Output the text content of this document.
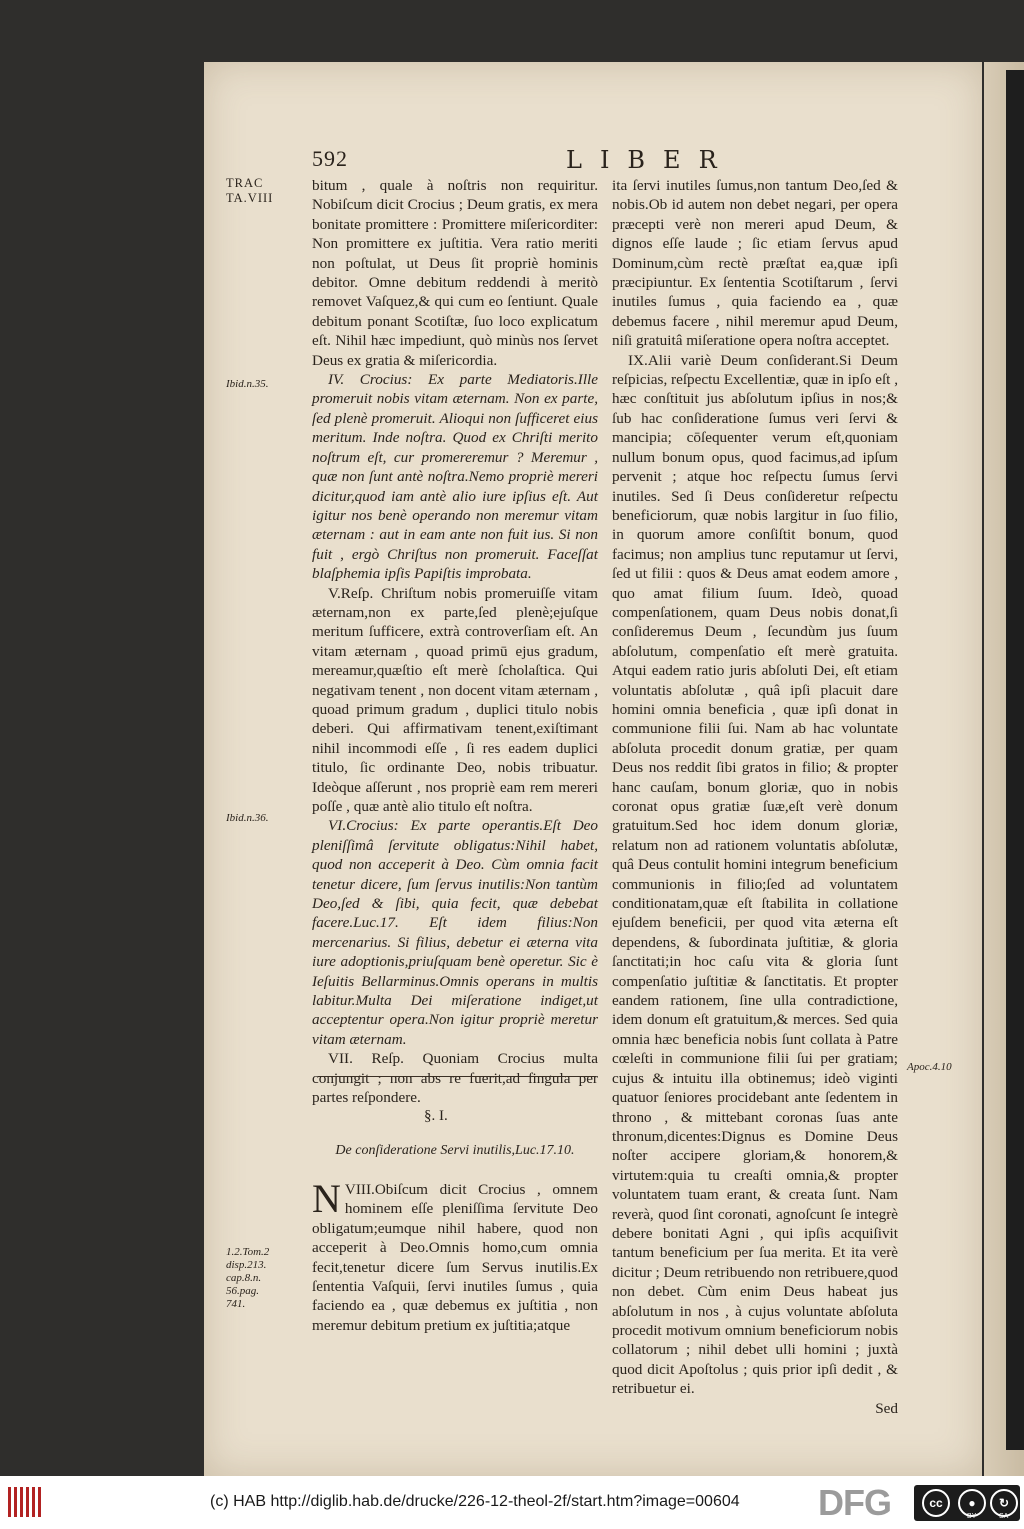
592	LIBER
TRAC
TA.VIII
Ibid.n.35.
Ibid.n.36.
Apoc.4.10
1.2.Tom.2
disp.213.
cap.8.n.
56.pag.
741.

bitum , quale à noſtris non requiritur. Nobiſcum dicit Crocius ; Deum gratis, ex mera bonitate promittere : Promittere miſericorditer: Non promittere ex juſtitia. Vera ratio meriti non poſtulat, ut Deus ſit propriè hominis debitor. Omne debitum reddendi à meritò removet Vaſquez,& qui cum eo ſentiunt. Quale debitum ponant Scotiſtæ, ſuo loco explicatum eſt. Nihil hæc impediunt, quò minùs nos ſervet Deus ex gratia & miſericordia.

IV. Crocius: Ex parte Mediatoris.Ille promeruit nobis vitam æternam. Non ex parte, ſed plenè promeruit. Alioqui non ſufficeret eius meritum. Inde noſtra. Quod ex Chriſti merito noſtrum eſt, cur promereremur ? Meremur , quæ non ſunt antè noſtra.Nemo propriè mereri dicitur,quod iam antè alio iure ipſius eſt. Aut igitur nos benè operando non meremur vitam æternam : aut in eam ante non fuit ius. Si non fuit , ergò Chriſtus non promeruit. Faceſſat blaſphemia ipſis Papiſtis improbata.

V.Reſp. Chriſtum nobis promeruiſſe vitam æternam,non ex parte,ſed plenè;ejuſque meritum ſufficere, extrà controverſiam eſt. An vitam æternam , quoad primū ejus gradum, mereamur,quæſtio eſt merè ſcholaſtica. Qui negativam tenent , non docent vitam æternam , quoad primum gradum , duplici titulo nobis deberi. Qui affirmativam tenent,exiſtimant nihil incommodi eſſe , ſi res eadem duplici titulo, ſic ordinante Deo, nobis tribuatur. Ideòque aſſerunt , nos propriè eam rem mereri poſſe , quæ antè alio titulo eſt noſtra.

VI.Crocius: Ex parte operantis.Eſt Deo pleniſſimâ ſervitute obligatus:Nihil habet, quod non acceperit à Deo. Cùm omnia facit tenetur dicere, ſum ſervus inutilis:Non tantùm Deo,ſed & ſibi, quia fecit, quæ debebat facere.Luc.17. Eſt idem filius:Non mercenarius. Si filius, debetur ei æterna vita iure adoptionis,priuſquam benè operetur. Sic è Ieſuitis Bellarminus.Omnis operans in multis labitur.Multa Dei miſeratione indiget,ut acceptentur opera.Non igitur propriè meretur vitam æternam.

VII. Reſp. Quoniam Crocius multa conjungit ; non abs re fuerit,ad ſingula per partes reſpondere.

§. I.
De conſideratione Servi inutilis,Luc.17.10.

VIII.
N Obiſcum dicit Crocius , omnem hominem eſſe pleniſſima ſervitute Deo obligatum;eumque nihil habere, quod non acceperit à Deo.Omnis homo,cum omnia fecit,tenetur dicere ſum Servus inutilis.Ex ſententia Vaſquii, ſervi inutiles ſumus , quia faciendo ea , quæ debemus ex juſtitia , non meremur debitum pretium ex juſtitia;atque

ita ſervi inutiles ſumus,non tantum Deo,ſed & nobis.Ob id autem non debet negari, per opera præcepti verè non mereri apud Deum, & dignos eſſe laude ; ſic etiam ſervus apud Dominum,cùm rectè præſtat ea,quæ ipſi præcipiuntur. Ex ſententia Scotiſtarum , ſervi inutiles ſumus , quia faciendo ea , quæ debemus facere , nihil meremur apud Deum, niſi gratuitâ miſeratione opera noſtra acceptet.

IX.Alii variè Deum conſiderant.Si Deum reſpicias, reſpectu Excellentiæ, quæ in ipſo eſt , hæc conſtituit jus abſolutum ipſius in nos;& ſub hac conſideratione ſumus veri ſervi & mancipia; cōſequenter verum eſt,quoniam nullum bonum opus, quod facimus,ad ipſum pervenit ; atque hoc reſpectu ſumus ſervi inutiles. Sed ſi Deus conſideretur reſpectu beneficiorum, quæ nobis largitur in ſuo filio, in quorum amore conſiſtit bonum, quod facimus; non amplius tunc reputamur ut ſervi, ſed ut filii : quos & Deus amat eodem amore , quo amat filium ſuum. Ideò, quoad compenſationem, quam Deus nobis donat,ſi conſideremus Deum , ſecundùm jus ſuum abſolutum, compenſatio eſt merè gratuita. Atqui eadem ratio juris abſoluti Dei, eſt etiam voluntatis abſolutæ , quâ ipſi placuit dare homini omnia beneficia , quæ ipſi donat in communione filii ſui. Nam ab hac voluntate abſoluta procedit donum gratiæ, per quam Deus nos reddit ſibi gratos in filio; & propter hanc cauſam, bonum gloriæ, quo in nobis coronat opus gratiæ ſuæ,eſt verè donum gratuitum.Sed hoc idem donum gloriæ, relatum non ad rationem voluntatis abſolutæ, quâ Deus contulit homini integrum beneficium communionis in filio;ſed ad voluntatem conditionatam,quæ eſt ſtabilita in collatione ejuſdem beneficii, per quod vita æterna eſt dependens, & ſubordinata juſtitiæ, & gloria ſanctitati;in hoc caſu vita & gloria ſunt compenſatio juſtitiæ & ſanctitatis. Et propter eandem rationem, ſine ulla contradictione, idem donum eſt gratuitum,& merces. Sed quia omnia hæc beneficia nobis ſunt collata à Patre cœleſti in communione filii ſui per gratiam; cujus & intuitu illa obtinemus; ideò viginti quatuor ſeniores procidebant ante ſedentem in throno , & mittebant coronas ſuas ante thronum,dicentes:Dignus es Domine Deus noſter accipere gloriam,& honorem,& virtutem:quia tu creaſti omnia,& propter voluntatem tuam erant, & creata ſunt. Nam reverà, quod ſint coronati, agnoſcunt ſe integrè debere bonitati Agni , qui ipſis acquiſivit tantum beneficium per ſua merita. Et ita verè dicitur ; Deum retribuendo non retribuere,quod non debet. Cùm enim Deus habeat jus abſolutum in nos , à cujus voluntate abſoluta procedit motivum omnium beneficiorum nobis collatorum ; nihil debet ulli homini ; juxtà quod dicit Apoſtolus ; quis prior ipſi dedit , & retribuetur ei.

Sed

(c) HAB http://diglib.hab.de/drucke/226-12-theol-2f/start.htm?image=00604 DFG	cc	●	↻
BY	SA
